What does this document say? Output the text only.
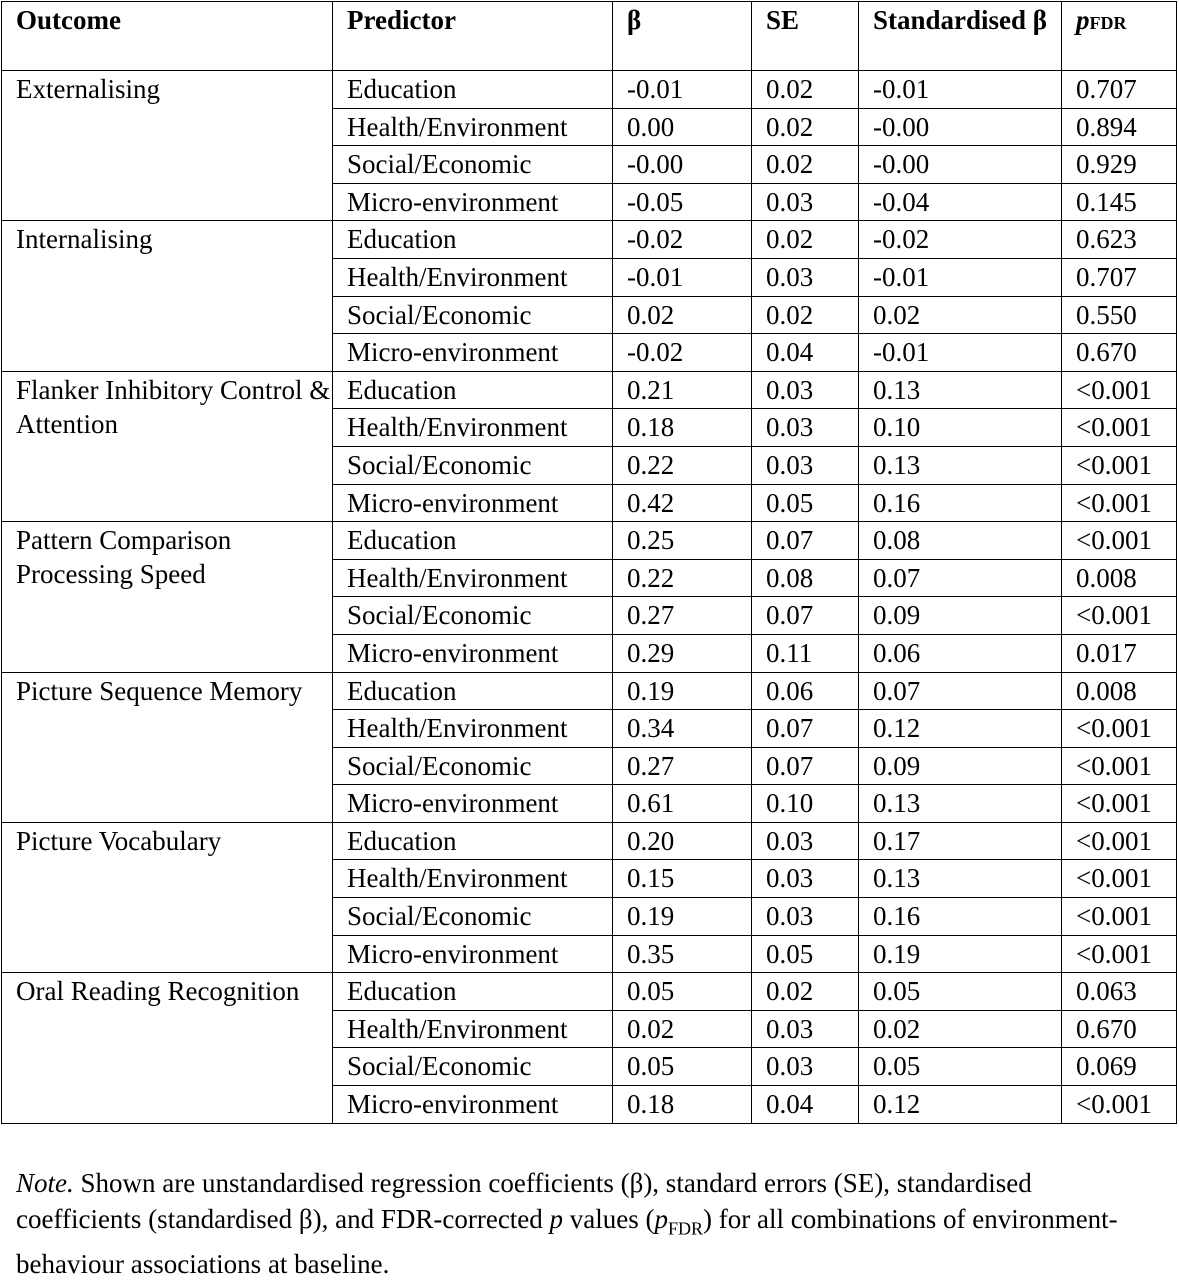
Outcome	Predictor	β	SE	Standardised β	pFDR
Externalising	Education	-0.01	0.02	-0.01	0.707
	Health/Environment	0.00	0.02	-0.00	0.894
	Social/Economic	-0.00	0.02	-0.00	0.929
	Micro-environment	-0.05	0.03	-0.04	0.145
Internalising	Education	-0.02	0.02	-0.02	0.623
	Health/Environment	-0.01	0.03	-0.01	0.707
	Social/Economic	0.02	0.02	0.02	0.550
	Micro-environment	-0.02	0.04	-0.01	0.670
Flanker Inhibitory Control & Attention	Education	0.21	0.03	0.13	<0.001
	Health/Environment	0.18	0.03	0.10	<0.001
	Social/Economic	0.22	0.03	0.13	<0.001
	Micro-environment	0.42	0.05	0.16	<0.001
Pattern Comparison Processing Speed	Education	0.25	0.07	0.08	<0.001
	Health/Environment	0.22	0.08	0.07	0.008
	Social/Economic	0.27	0.07	0.09	<0.001
	Micro-environment	0.29	0.11	0.06	0.017
Picture Sequence Memory	Education	0.19	0.06	0.07	0.008
	Health/Environment	0.34	0.07	0.12	<0.001
	Social/Economic	0.27	0.07	0.09	<0.001
	Micro-environment	0.61	0.10	0.13	<0.001
Picture Vocabulary	Education	0.20	0.03	0.17	<0.001
	Health/Environment	0.15	0.03	0.13	<0.001
	Social/Economic	0.19	0.03	0.16	<0.001
	Micro-environment	0.35	0.05	0.19	<0.001
Oral Reading Recognition	Education	0.05	0.02	0.05	0.063
	Health/Environment	0.02	0.03	0.02	0.670
	Social/Economic	0.05	0.03	0.05	0.069
	Micro-environment	0.18	0.04	0.12	<0.001
Note. Shown are unstandardised regression coefficients (β), standard errors (SE), standardised coefficients (standardised β), and FDR-corrected p values $(p_{FDR})$ for all combinations of environment-behaviour associations at baseline.
